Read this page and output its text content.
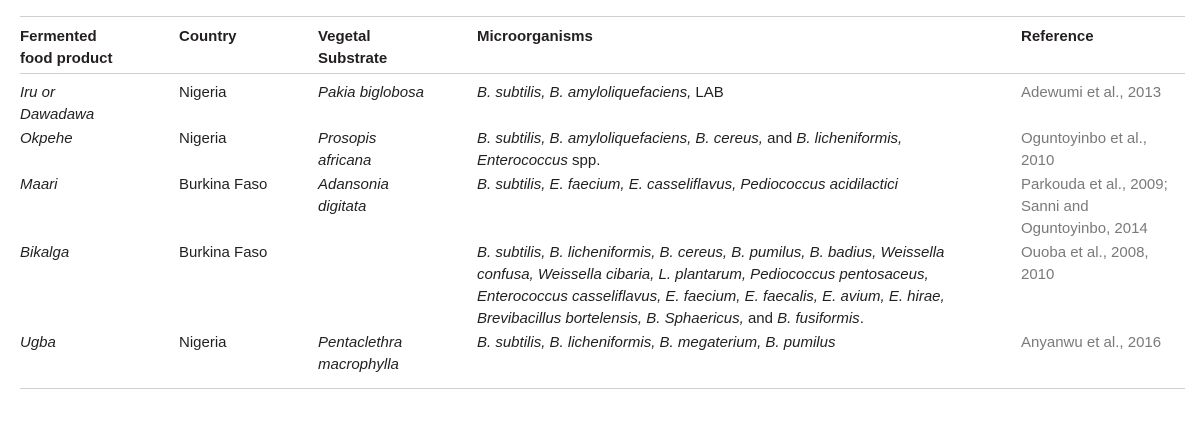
Fermented food product	Country	Vegetal Substrate	Microorganisms	Reference

Iru or Dawadawa	Nigeria	Pakia biglobosa	B. subtilis, B. amyloliquefaciens, LAB	Adewumi et al., 2013

Okpehe	Nigeria	Prosopis africana	B. subtilis, B. amyloliquefaciens, B. cereus, and B. licheniformis, Enterococcus spp.	Oguntoyinbo et al., 2010

Maari	Burkina Faso	Adansonia digitata	B. subtilis, E. faecium, E. casseliflavus, Pediococcus acidilactici	Parkouda et al., 2009; Sanni and Oguntoyinbo, 2014

Bikalga	Burkina Faso		B. subtilis, B. licheniformis, B. cereus, B. pumilus, B. badius, Weissella confusa, Weissella cibaria, L. plantarum, Pediococcus pentosaceus, Enterococcus casseliflavus, E. faecium, E. faecalis, E. avium, E. hirae, Brevibacillus bortelensis, B. Sphaericus, and B. fusiformis.	Ouoba et al., 2008, 2010

Ugba	Nigeria	Pentaclethra macrophylla	B. subtilis, B. licheniformis, B. megaterium, B. pumilus	Anyanwu et al., 2016
